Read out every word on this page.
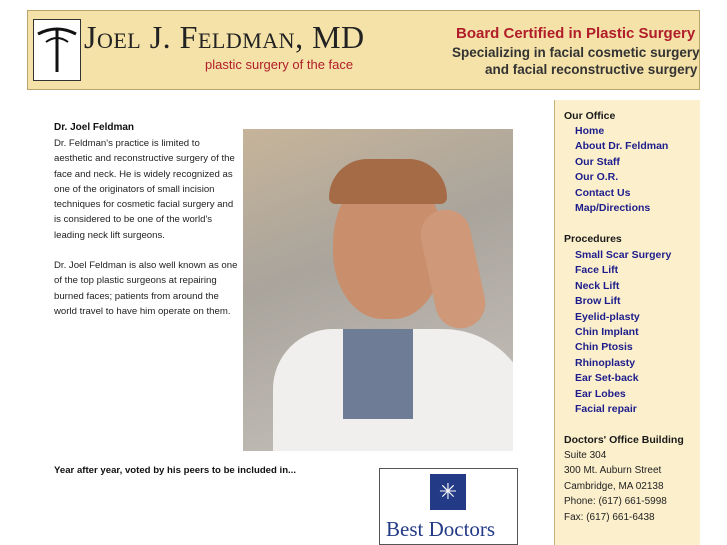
Joel J. Feldman, MD
plastic surgery of the face
Board Certified in Plastic Surgery
Specializing in facial cosmetic surgery
and facial reconstructive surgery
Dr. Joel Feldman

Dr. Feldman's practice is limited to aesthetic and reconstructive surgery of the face and neck. He is widely recognized as one of the originators of small incision techniques for cosmetic facial surgery and is considered to be one of the world's leading neck lift surgeons.

Dr. Joel Feldman is also well known as one of the top plastic surgeons at repairing burned faces; patients from around the world travel to have him operate on them.

Year after year, voted by his peers to be included in...
✳
Best Doctors
Our Office
Home
About Dr. Feldman
Our Staff
Our O.R.
Contact Us
Map/Directions
Procedures
Small Scar Surgery
Face Lift
Neck Lift
Brow Lift
Eyelid-plasty
Chin Implant
Chin Ptosis
Rhinoplasty
Ear Set-back
Ear Lobes
Facial repair
Doctors' Office Building
Suite 304
300 Mt. Auburn Street
Cambridge, MA 02138
Phone: (617) 661-5998
Fax: (617) 661-6438
